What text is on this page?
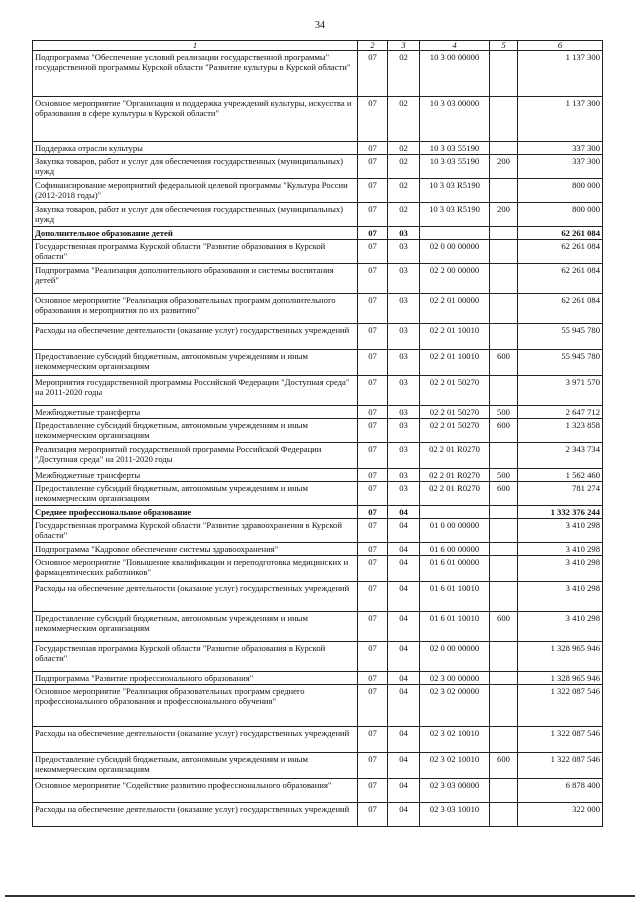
34
1	2	3	4	5	6
Подпрограмма "Обеспечение условий реализации государственной программы" государственной программы Курской области "Развитие культуры в Курской области"	07	02	10 3 00 00000		1 137 300
Основное мероприятие "Организация и поддержка учреждений культуры, искусства и образования в сфере культуры в Курской области"	07	02	10 3 03 00000		1 137 300
Поддержка отрасли культуры	07	02	10 3 03 55190		337 300
Закупка товаров, работ и услуг для обеспечения государственных (муниципальных) нужд	07	02	10 3 03 55190	200	337 300
Софинансирование мероприятий федеральной целевой программы "Культура России (2012-2018 годы)"	07	02	10 3 03 R5190		800 000
Закупка товаров, работ и услуг для обеспечения государственных (муниципальных) нужд	07	02	10 3 03 R5190	200	800 000
Дополнительное образование детей	07	03			62 261 084
Государственная программа Курской области "Развитие образования в Курской области"	07	03	02 0 00 00000		62 261 084
Подпрограмма "Реализация дополнительного образования и системы воспитания детей"	07	03	02 2 00 00000		62 261 084
Основное мероприятие "Реализация образовательных программ дополнительного образования и мероприятия по их развитию"	07	03	02 2 01 00000		62 261 084
Расходы на обеспечение деятельности (оказание услуг) государственных учреждений	07	03	02 2 01 10010		55 945 780
Предоставление субсидий бюджетным, автономным учреждениям и иным некоммерческим организациям	07	03	02 2 01 10010	600	55 945 780
Мероприятия государственной программы Российской Федерации "Доступная среда" на 2011-2020 годы	07	03	02 2 01 50270		3 971 570
Межбюджетные трансферты	07	03	02 2 01 50270	500	2 647 712
Предоставление субсидий бюджетным, автономным учреждениям и иным некоммерческим организациям	07	03	02 2 01 50270	600	1 323 858
Реализация мероприятий государственной программы Российской Федерации "Доступная среда" на 2011-2020 годы	07	03	02 2 01 R0270		2 343 734
Межбюджетные трансферты	07	03	02 2 01 R0270	500	1 562 460
Предоставление субсидий бюджетным, автономным учреждениям и иным некоммерческим организациям	07	03	02 2 01 R0270	600	781 274
Среднее профессиональное образование	07	04			1 332 376 244
Государственная программа Курской области "Развитие здравоохранения в Курской области"	07	04	01 0 00 00000		3 410 298
Подпрограмма "Кадровое обеспечение системы здравоохранения"	07	04	01 6 00 00000		3 410 298
Основное мероприятие "Повышение квалификации и переподготовка медицинских и фармацевтических работников"	07	04	01 6 01 00000		3 410 298
Расходы на обеспечение деятельности (оказание услуг) государственных учреждений	07	04	01 6 01 10010		3 410 298
Предоставление субсидий бюджетным, автономным учреждениям и иным некоммерческим организациям	07	04	01 6 01 10010	600	3 410 298
Государственная программа Курской области "Развитие образования в Курской области"	07	04	02 0 00 00000		1 328 965 946
Подпрограмма "Развитие профессионального образования"	07	04	02 3 00 00000		1 328 965 946
Основное мероприятие "Реализация образовательных программ среднего профессионального образования и профессионального обучения"	07	04	02 3 02 00000		1 322 087 546
Расходы на обеспечение деятельности (оказание услуг) государственных учреждений	07	04	02 3 02 10010		1 322 087 546
Предоставление субсидий бюджетным, автономным учреждениям и иным некоммерческим организациям	07	04	02 3 02 10010	600	1 322 087 546
Основное мероприятие "Содействие развитию профессионального образования"	07	04	02 3 03 00000		6 878 400
Расходы на обеспечение деятельности (оказание услуг) государственных учреждений	07	04	02 3 03 10010		322 000
